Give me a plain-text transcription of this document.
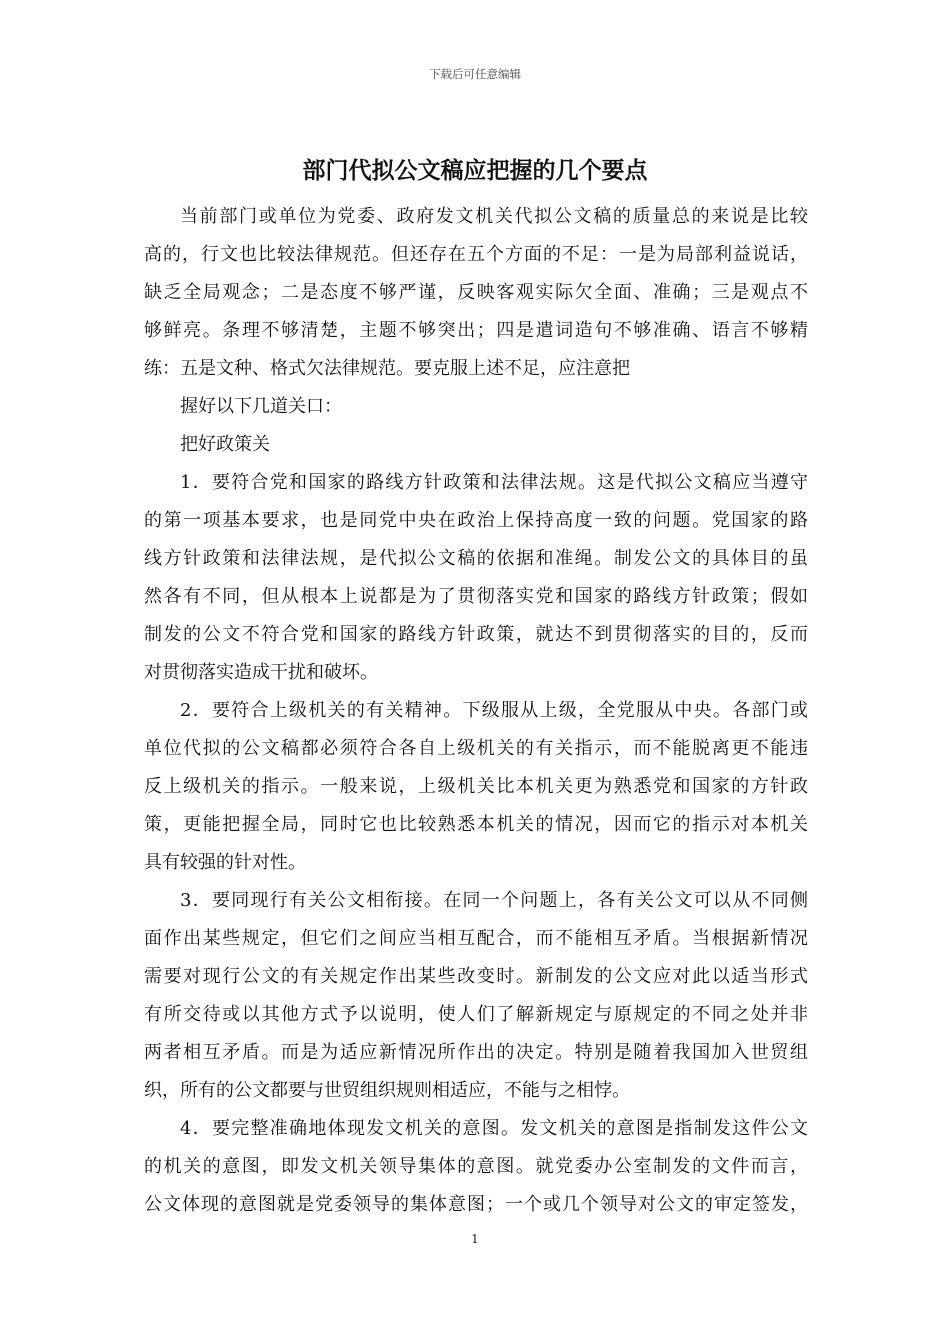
下载后可任意编辑
部门代拟公文稿应把握的几个要点
当前部门或单位为党委、政府发文机关代拟公文稿的质量总的来说是比较
高的，行文也比较法律规范。但还存在五个方面的不足：一是为局部利益说话，
缺乏全局观念；二是态度不够严谨，反映客观实际欠全面、准确；三是观点不
够鲜亮。条理不够清楚，主题不够突出；四是遣词造句不够准确、语言不够精
练：五是文种、格式欠法律规范。要克服上述不足，应注意把
握好以下几道关口：
把好政策关
1．要符合党和国家的路线方针政策和法律法规。这是代拟公文稿应当遵守
的第一项基本要求，也是同党中央在政治上保持高度一致的问题。党国家的路
线方针政策和法律法规，是代拟公文稿的依据和准绳。制发公文的具体目的虽
然各有不同，但从根本上说都是为了贯彻落实党和国家的路线方针政策；假如
制发的公文不符合党和国家的路线方针政策，就达不到贯彻落实的目的，反而
对贯彻落实造成干扰和破坏。
2．要符合上级机关的有关精神。下级服从上级，全党服从中央。各部门或
单位代拟的公文稿都必须符合各自上级机关的有关指示，而不能脱离更不能违
反上级机关的指示。一般来说，上级机关比本机关更为熟悉党和国家的方针政
策，更能把握全局，同时它也比较熟悉本机关的情况，因而它的指示对本机关
具有较强的针对性。
3．要同现行有关公文相衔接。在同一个问题上，各有关公文可以从不同侧
面作出某些规定，但它们之间应当相互配合，而不能相互矛盾。当根据新情况
需要对现行公文的有关规定作出某些改变时。新制发的公文应对此以适当形式
有所交待或以其他方式予以说明，使人们了解新规定与原规定的不同之处并非
两者相互矛盾。而是为适应新情况所作出的决定。特别是随着我国加入世贸组
织，所有的公文都要与世贸组织规则相适应，不能与之相悖。
4．要完整准确地体现发文机关的意图。发文机关的意图是指制发这件公文
的机关的意图，即发文机关领导集体的意图。就党委办公室制发的文件而言，
公文体现的意图就是党委领导的集体意图；一个或几个领导对公文的审定签发，
1
